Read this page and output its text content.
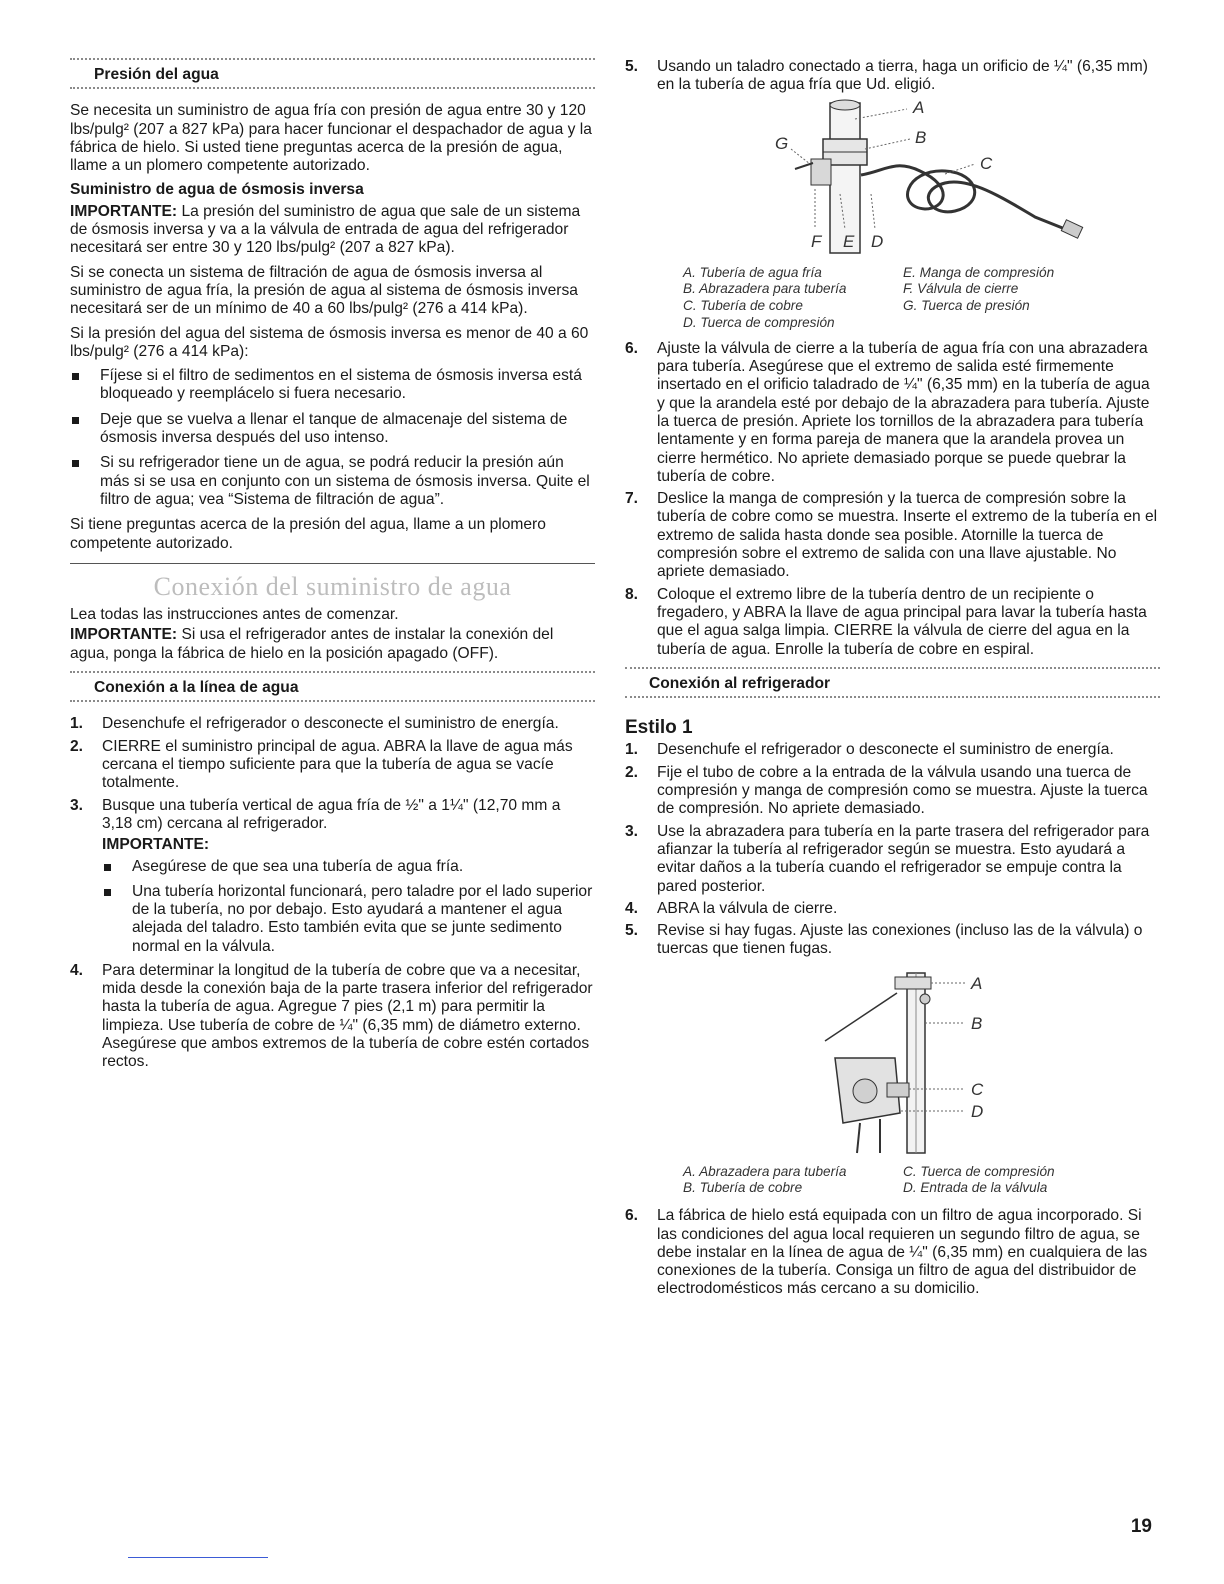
Presión del agua

Se necesita un suministro de agua fría con presión de agua entre 30 y 120 lbs/pulg² (207 a 827 kPa) para hacer funcionar el despachador de agua y la fábrica de hielo. Si usted tiene preguntas acerca de la presión de agua, llame a un plomero competente autorizado.

Suministro de agua de ósmosis inversa

IMPORTANTE: La presión del suministro de agua que sale de un sistema de ósmosis inversa y va a la válvula de entrada de agua del refrigerador necesitará ser entre 30 y 120 lbs/pulg² (207 a 827 kPa).

Si se conecta un sistema de filtración de agua de ósmosis inversa al suministro de agua fría, la presión de agua al sistema de ósmosis inversa necesitará ser de un mínimo de 40 a 60 lbs/pulg² (276 a 414 kPa).

Si la presión del agua del sistema de ósmosis inversa es menor de 40 a 60 lbs/pulg² (276 a 414 kPa):

Fíjese si el filtro de sedimentos en el sistema de ósmosis inversa está bloqueado y reemplácelo si fuera necesario.
Deje que se vuelva a llenar el tanque de almacenaje del sistema de ósmosis inversa después del uso intenso.
Si su refrigerador tiene un de agua, se podrá reducir la presión aún más si se usa en conjunto con un sistema de ósmosis inversa. Quite el filtro de agua; vea “Sistema de filtración de agua”.

Si tiene preguntas acerca de la presión del agua, llame a un plomero competente autorizado.

Conexión del suministro de agua

Lea todas las instrucciones antes de comenzar.

IMPORTANTE: Si usa el refrigerador antes de instalar la conexión del agua, ponga la fábrica de hielo en la posición apagado (OFF).

Conexión a la línea de agua
1. Desenchufe el refrigerador o desconecte el suministro de energía.
2. CIERRE el suministro principal de agua. ABRA la llave de agua más cercana el tiempo suficiente para que la tubería de agua se vacíe totalmente.
3. Busque una tubería vertical de agua fría de ½" a 1¼" (12,70 mm a 3,18 cm) cercana al refrigerador.
IMPORTANTE:
Asegúrese de que sea una tubería de agua fría.
Una tubería horizontal funcionará, pero taladre por el lado superior de la tubería, no por debajo. Esto ayudará a mantener el agua alejada del taladro. Esto también evita que se junte sedimento normal en la válvula.
4. Para determinar la longitud de la tubería de cobre que va a necesitar, mida desde la conexión baja de la parte trasera inferior del refrigerador hasta la tubería de agua. Agregue 7 pies (2,1 m) para permitir la limpieza. Use tubería de cobre de ¼" (6,35 mm) de diámetro externo. Asegúrese que ambos extremos de la tubería de cobre estén cortados rectos.
5. Usando un taladro conectado a tierra, haga un orificio de ¼" (6,35 mm) en la tubería de agua fría que Ud. eligió.
A
B
C
D
E
F
G
A. Tubería de agua fría	E. Manga de compresión
B. Abrazadera para tubería	F. Válvula de cierre
C. Tubería de cobre	G. Tuerca de presión
D. Tuerca de compresión
6. Ajuste la válvula de cierre a la tubería de agua fría con una abrazadera para tubería. Asegúrese que el extremo de salida esté firmemente insertado en el orificio taladrado de ¼" (6,35 mm) en la tubería de agua y que la arandela esté por debajo de la abrazadera para tubería. Ajuste la tuerca de presión. Apriete los tornillos de la abrazadera para tubería lentamente y en forma pareja de manera que la arandela provea un cierre hermético. No apriete demasiado porque se puede quebrar la tubería de cobre.
7. Deslice la manga de compresión y la tuerca de compresión sobre la tubería de cobre como se muestra. Inserte el extremo de la tubería en el extremo de salida hasta donde sea posible. Atornille la tuerca de compresión sobre el extremo de salida con una llave ajustable. No apriete demasiado.
8. Coloque el extremo libre de la tubería dentro de un recipiente o fregadero, y ABRA la llave de agua principal para lavar la tubería hasta que el agua salga limpia. CIERRE la válvula de cierre del agua en la tubería de agua. Enrolle la tubería de cobre en espiral.
Conexión al refrigerador
Estilo 1
1. Desenchufe el refrigerador o desconecte el suministro de energía.
2. Fije el tubo de cobre a la entrada de la válvula usando una tuerca de compresión y manga de compresión como se muestra. Ajuste la tuerca de compresión. No apriete demasiado.
3. Use la abrazadera para tubería en la parte trasera del refrigerador para afianzar la tubería al refrigerador según se muestra. Esto ayudará a evitar daños a la tubería cuando el refrigerador se empuje contra la pared posterior.
4. ABRA la válvula de cierre.
5. Revise si hay fugas. Ajuste las conexiones (incluso las de la válvula) o tuercas que tienen fugas.
A
B
C
D
A. Abrazadera para tubería	C. Tuerca de compresión
B. Tubería de cobre	D. Entrada de la válvula
6. La fábrica de hielo está equipada con un filtro de agua incorporado. Si las condiciones del agua local requieren un segundo filtro de agua, se debe instalar en la línea de agua de ¼" (6,35 mm) en cualquiera de las conexiones de la tubería. Consiga un filtro de agua del distribuidor de electrodomésticos más cercano a su domicilio.
19
